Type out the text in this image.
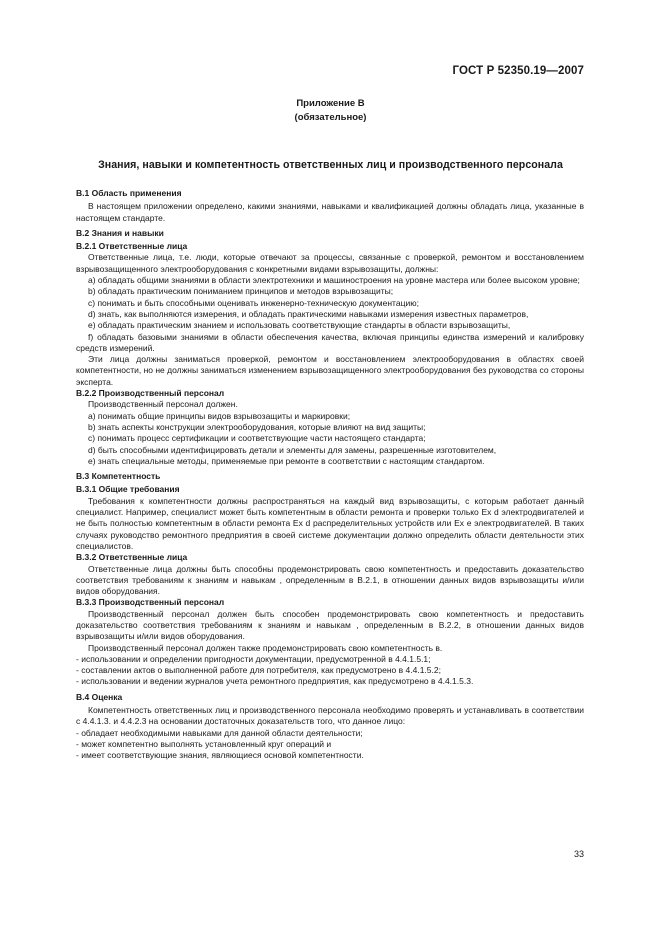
ГОСТ Р 52350.19—2007
Приложение В
(обязательное)
Знания, навыки и компетентность ответственных лиц и производственного персонала

В.1 Область применения

В настоящем приложении определено, какими знаниями, навыками и квалификацией должны обладать лица, указанные в настоящем стандарте.

В.2 Знания и навыки

В.2.1 Ответственные лица

Ответственные лица, т.е. люди, которые отвечают за процессы, связанные с проверкой, ремонтом и восстановлением взрывозащищенного электрооборудования с конкретными видами взрывозащиты, должны:

a) обладать общими знаниями в области электротехники и машиностроения на уровне мастера или более высоком уровне;

b) обладать практическим пониманием принципов и методов взрывозащиты;

c) понимать и быть способными оценивать инженерно-техническую документацию;

d) знать, как выполняются измерения, и обладать практическими навыками измерения известных параметров,

e) обладать практическим знанием и использовать соответствующие стандарты в области взрывозащиты,

f) обладать базовыми знаниями в области обеспечения качества, включая принципы единства измерений и калибровку средств измерений.

Эти лица должны заниматься проверкой, ремонтом и восстановлением электрооборудования в областях своей компетентности, но не должны заниматься изменением взрывозащищенного электрооборудования без руководства со стороны эксперта.

В.2.2 Производственный персонал

Производственный персонал должен.

a) понимать общие принципы видов взрывозащиты и маркировки;

b) знать аспекты конструкции электрооборудования, которые влияют на вид защиты;

c) понимать процесс сертификации и соответствующие части настоящего стандарта;

d) быть способными идентифицировать детали и элементы для замены, разрешенные изготовителем,

e) знать специальные методы, применяемые при ремонте в соответствии с настоящим стандартом.

В.3 Компетентность

В.3.1 Общие требования

Требования к компетентности должны распространяться на каждый вид взрывозащиты, с которым работает данный специалист. Например, специалист может быть компетентным в области ремонта и проверки только Ех d электродвигателей и не быть полностью компетентным в области ремонта Ех d распределительных устройств или Ех е электродвигателей. В таких случаях руководство ремонтного предприятия в своей системе документации должно определить области деятельности этих специалистов.

В.3.2 Ответственные лица

Ответственные лица должны быть способны продемонстрировать свою компетентность и предоставить доказательство соответствия требованиям к знаниям и навыкам , определенным в В.2.1, в отношении данных видов взрывозащиты и/или видов оборудования.

В.3.3 Производственный персонал

Производственный персонал должен быть способен продемонстрировать свою компетентность и предоставить доказательство соответствия требованиям к знаниям и навыкам , определенным в В.2.2, в отношении данных видов взрывозащиты и/или видов оборудования.

Производственный персонал должен также продемонстрировать свою компетентность в.

- использовании и определении пригодности документации, предусмотренной в 4.4.1.5.1;

- составлении актов о выполненной работе для потребителя, как предусмотрено в 4.4.1.5.2;

- использовании и ведении журналов учета ремонтного предприятия, как предусмотрено в 4.4.1.5.3.

В.4 Оценка

Компетентность ответственных лиц и производственного персонала необходимо проверять и устанавливать в соответствии с 4.4.1.3. и 4.4.2.3 на основании достаточных доказательств того, что данное лицо:

- обладает необходимыми навыками для данной области деятельности;

- может компетентно выполнять установленный круг операций и

- имеет соответствующие знания, являющиеся основой компетентности.

33
